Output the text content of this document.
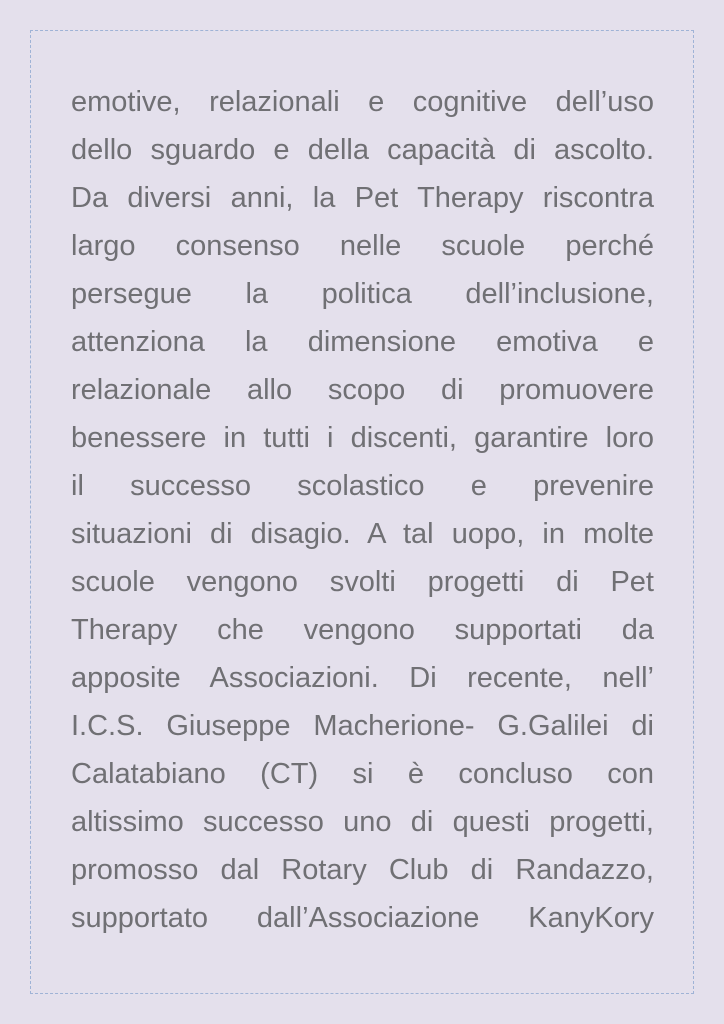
emotive, relazionali e cognitive dell’uso
dello sguardo e della capacità di ascolto.
Da diversi anni, la Pet Therapy riscontra
largo consenso nelle scuole perché
persegue la politica dell’inclusione,
attenziona la dimensione emotiva e
relazionale allo scopo di promuovere
benessere in tutti i discenti, garantire loro
il successo scolastico e prevenire
situazioni di disagio. A tal uopo, in molte
scuole vengono svolti progetti di Pet
Therapy che vengono supportati da
apposite Associazioni. Di recente, nell’
I.C.S. Giuseppe Macherione- G.Galilei di
Calatabiano (CT) si è concluso con
altissimo successo uno di questi progetti,
promosso dal Rotary Club di Randazzo,
supportato dall’Associazione KanyKory
